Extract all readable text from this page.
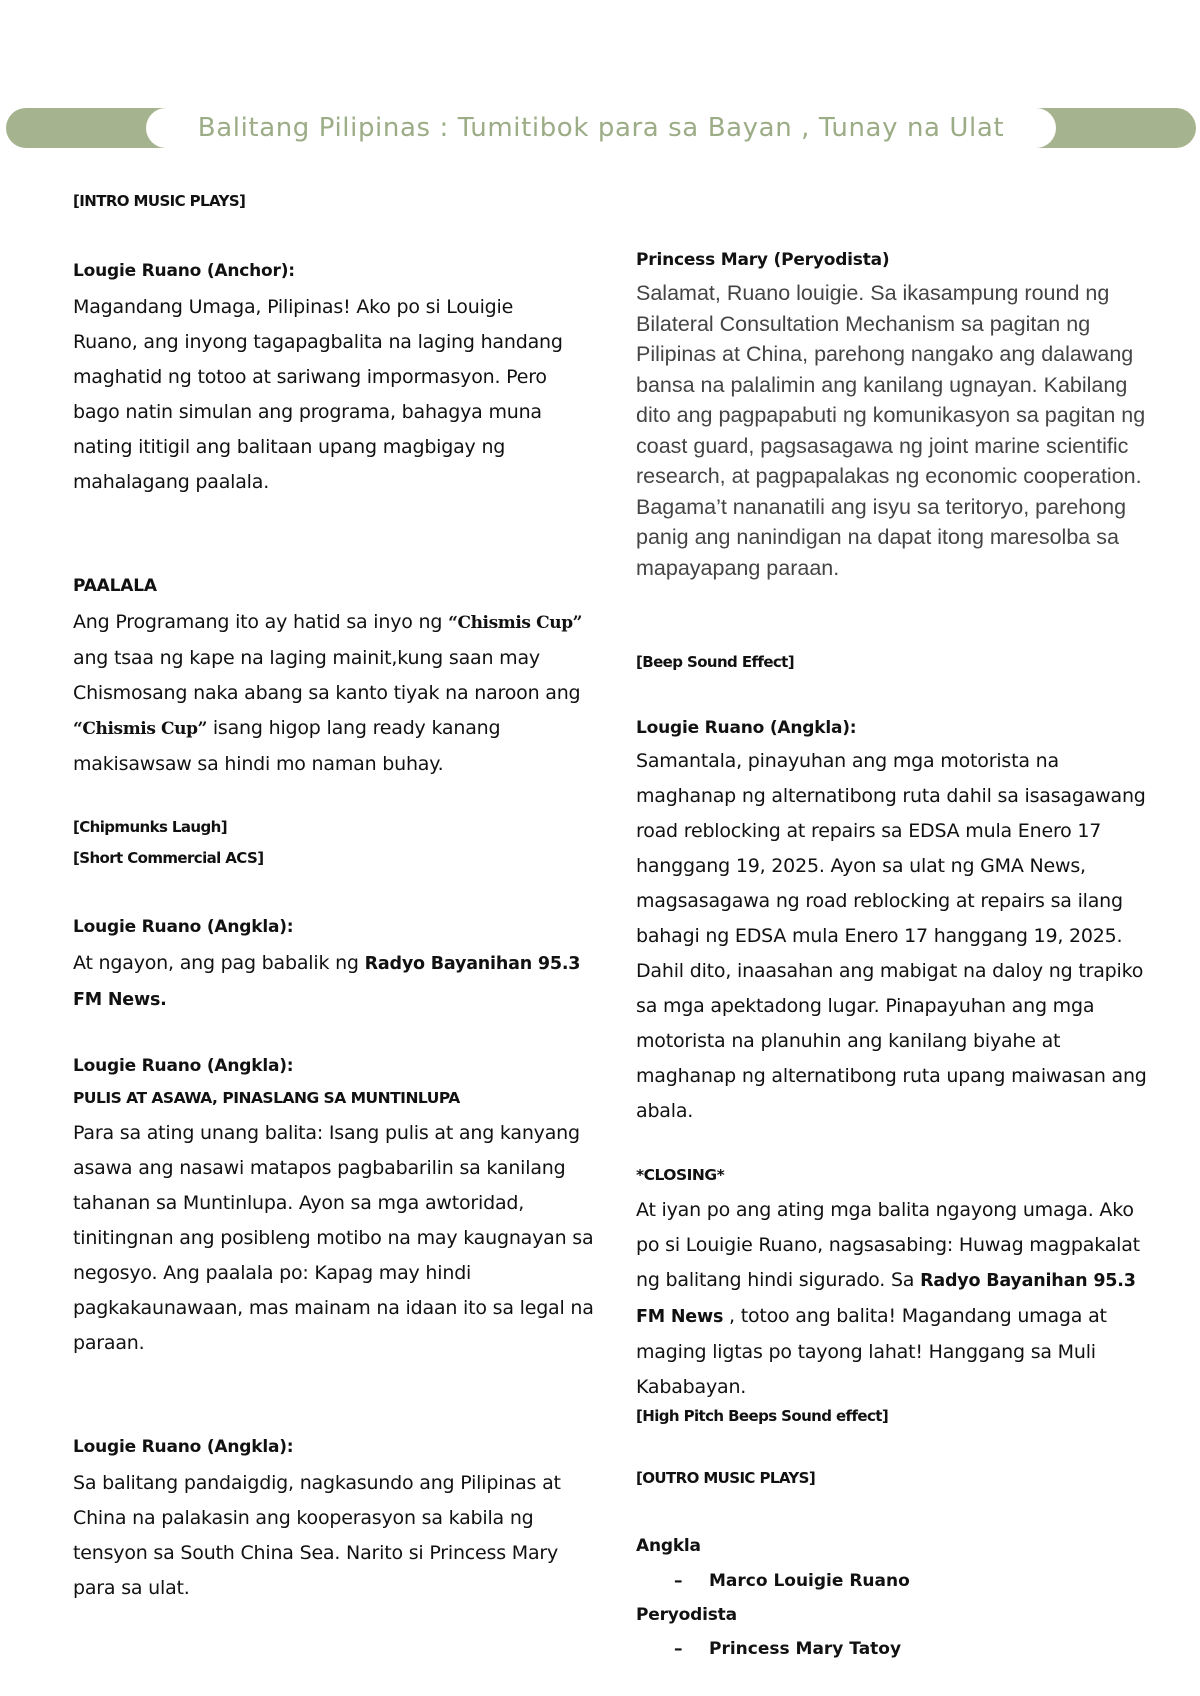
Balitang Pilipinas : Tumitibok para sa Bayan , Tunay na Ulat
[INTRO MUSIC PLAYS]
Lougie Ruano (Anchor):
Magandang Umaga, Pilipinas! Ako po si Louigie Ruano, ang inyong tagapagbalita na laging handang maghatid ng totoo at sariwang impormasyon. Pero bago natin simulan ang programa, bahagya muna nating ititigil ang balitaan upang magbigay ng mahalagang paalala.
PAALALA
Ang Programang ito ay hatid sa inyo ng “Chismis Cup” ang tsaa ng kape na laging mainit,kung saan may Chismosang naka abang sa kanto tiyak na naroon ang “Chismis Cup” isang higop lang ready kanang makisawsaw sa hindi mo naman buhay.
[Chipmunks Laugh]
[Short Commercial ACS]
Lougie Ruano (Angkla):
At ngayon, ang pag babalik ng Radyo Bayanihan 95.3 FM News.
Lougie Ruano (Angkla):
PULIS AT ASAWA, PINASLANG SA MUNTINLUPA
Para sa ating unang balita: Isang pulis at ang kanyang asawa ang nasawi matapos pagbabarilin sa kanilang tahanan sa Muntinlupa. Ayon sa mga awtoridad, tinitingnan ang posibleng motibo na may kaugnayan sa negosyo. Ang paalala po: Kapag may hindi pagkakaunawaan, mas mainam na idaan ito sa legal na paraan.
Lougie Ruano (Angkla):
Sa balitang pandaigdig, nagkasundo ang Pilipinas at China na palakasin ang kooperasyon sa kabila ng tensyon sa South China Sea. Narito si Princess Mary para sa ulat.
Princess Mary (Peryodista)
Salamat, Ruano louigie. Sa ikasampung round ng Bilateral Consultation Mechanism sa pagitan ng Pilipinas at China, parehong nangako ang dalawang bansa na palalimin ang kanilang ugnayan. Kabilang dito ang pagpapabuti ng komunikasyon sa pagitan ng coast guard, pagsasagawa ng joint marine scientific research, at pagpapalakas ng economic cooperation. Bagama’t nananatili ang isyu sa teritoryo, parehong panig ang nanindigan na dapat itong maresolba sa mapayapang paraan.
[Beep Sound Effect]
Lougie Ruano (Angkla):
Samantala, pinayuhan ang mga motorista na maghanap ng alternatibong ruta dahil sa isasagawang road reblocking at repairs sa EDSA mula Enero 17 hanggang 19, 2025. Ayon sa ulat ng GMA News, magsasagawa ng road reblocking at repairs sa ilang bahagi ng EDSA mula Enero 17 hanggang 19, 2025. Dahil dito, inaasahan ang mabigat na daloy ng trapiko sa mga apektadong lugar. Pinapayuhan ang mga motorista na planuhin ang kanilang biyahe at maghanap ng alternatibong ruta upang maiwasan ang abala.
*CLOSING*
At iyan po ang ating mga balita ngayong umaga. Ako po si Louigie Ruano, nagsasabing: Huwag magpakalat ng balitang hindi sigurado. Sa Radyo Bayanihan 95.3 FM News , totoo ang balita! Magandang umaga at maging ligtas po tayong lahat! Hanggang sa Muli Kababayan.
[High Pitch Beeps Sound effect]
[OUTRO MUSIC PLAYS]
Angkla
– Marco Louigie Ruano
Peryodista
– Princess Mary Tatoy
